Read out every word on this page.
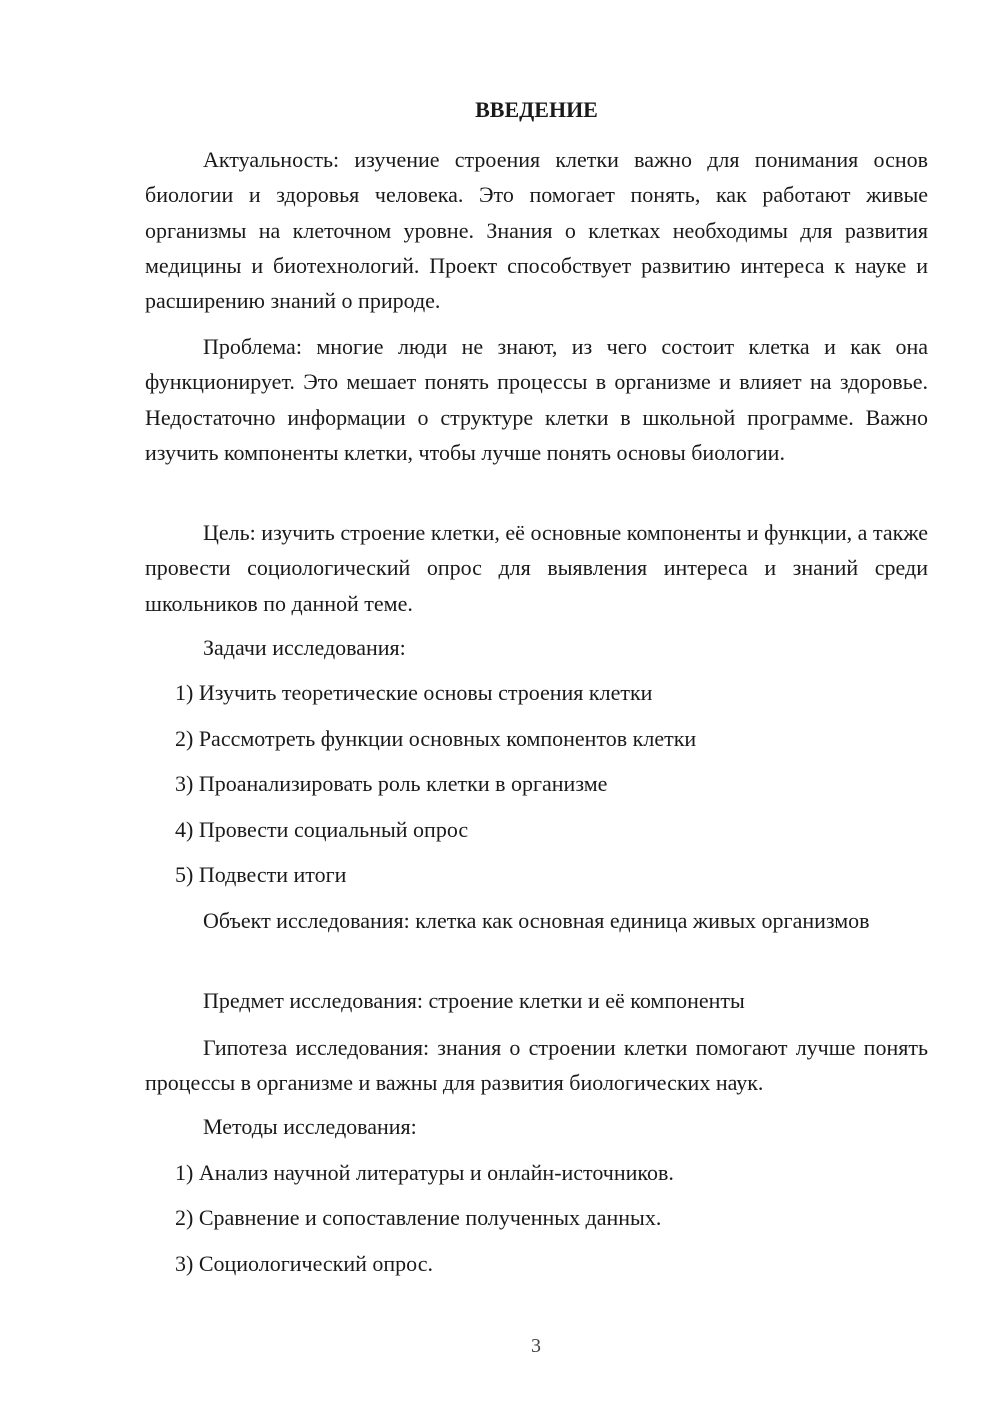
ВВЕДЕНИЕ

Актуальность: изучение строения клетки важно для понимания основ биологии и здоровья человека. Это помогает понять, как работают живые организмы на клеточном уровне. Знания о клетках необходимы для развития медицины и биотехнологий. Проект способствует развитию интереса к науке и расширению знаний о природе.

Проблема: многие люди не знают, из чего состоит клетка и как она функционирует. Это мешает понять процессы в организме и влияет на здоровье. Недостаточно информации о структуре клетки в школьной программе. Важно изучить компоненты клетки, чтобы лучше понять основы биологии.

Цель: изучить строение клетки, её основные компоненты и функции, а также провести социологический опрос для выявления интереса и знаний среди школьников по данной теме.

Задачи исследования:

1) Изучить теоретические основы строения клетки

2) Рассмотреть функции основных компонентов клетки

3) Проанализировать роль клетки в организме

4) Провести социальный опрос

5) Подвести итоги

Объект исследования: клетка как основная единица живых организмов

Предмет исследования: строение клетки и её компоненты

Гипотеза исследования: знания о строении клетки помогают лучше понять процессы в организме и важны для развития биологических наук.

Методы исследования:

1) Анализ научной литературы и онлайн-источников.

2) Сравнение и сопоставление полученных данных.

3) Социологический опрос.

3
